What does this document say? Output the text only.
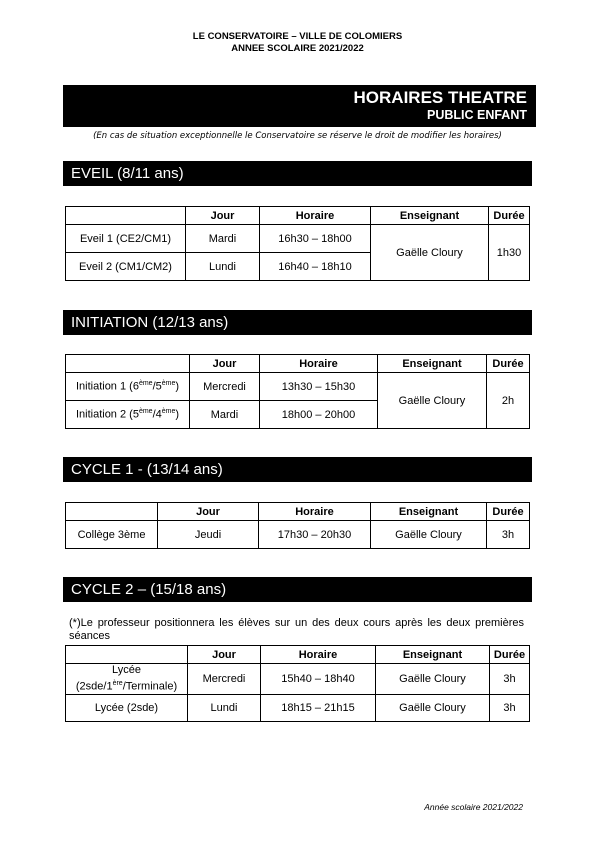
LE CONSERVATOIRE – VILLE DE COLOMIERS
ANNEE SCOLAIRE 2021/2022
HORAIRES THEATRE
PUBLIC ENFANT
(En cas de situation exceptionnelle le Conservatoire se réserve le droit de modifier les horaires)
EVEIL (8/11 ans)
	Jour	Horaire	Enseignant	Durée
Eveil 1 (CE2/CM1)	Mardi	16h30 – 18h00	Gaëlle Cloury	1h30
Eveil 2 (CM1/CM2)	Lundi	16h40 – 18h10		
INITIATION (12/13 ans)
	Jour	Horaire	Enseignant	Durée
Initiation 1 (6ème/5ème)	Mercredi	13h30 – 15h30	Gaëlle Cloury	2h
Initiation 2 (5ème/4ème)	Mardi	18h00 – 20h00		
CYCLE 1 - (13/14 ans)
	Jour	Horaire	Enseignant	Durée
Collège 3ème	Jeudi	17h30 – 20h30	Gaëlle Cloury	3h
CYCLE 2 – (15/18 ans)
(*)Le professeur positionnera les élèves sur un des deux cours après les deux premières séances
	Jour	Horaire	Enseignant	Durée
Lycée
(2sde/1ère/Terminale)	Mercredi	15h40 – 18h40	Gaëlle Cloury	3h
Lycée (2sde)	Lundi	18h15 – 21h15	Gaëlle Cloury	3h
Année scolaire 2021/2022
